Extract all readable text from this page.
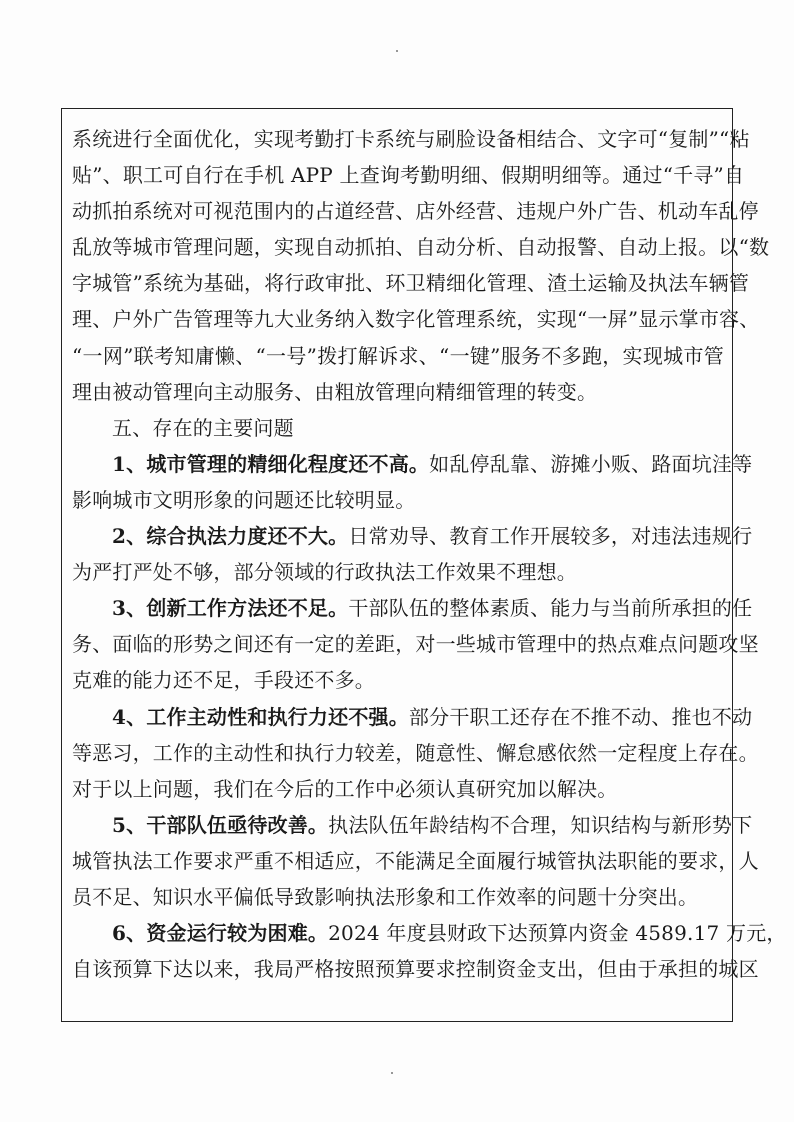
系统进行全面优化，实现考勤打卡系统与刷脸设备相结合、文字可“复制”“粘
贴”、职工可自行在手机 APP 上查询考勤明细、假期明细等。通过“千寻”自
动抓拍系统对可视范围内的占道经营、店外经营、违规户外广告、机动车乱停
乱放等城市管理问题，实现自动抓拍、自动分析、自动报警、自动上报。以“数
字城管”系统为基础，将行政审批、环卫精细化管理、渣土运输及执法车辆管
理、户外广告管理等九大业务纳入数字化管理系统，实现“一屏”显示掌市容、
“一网”联考知庸懒、“一号”拨打解诉求、“一键”服务不多跑，实现城市管
理由被动管理向主动服务、由粗放管理向精细管理的转变。
五、存在的主要问题
1、城市管理的精细化程度还不高。如乱停乱靠、游摊小贩、路面坑洼等
影响城市文明形象的问题还比较明显。
2、综合执法力度还不大。日常劝导、教育工作开展较多，对违法违规行
为严打严处不够，部分领域的行政执法工作效果不理想。
3、创新工作方法还不足。干部队伍的整体素质、能力与当前所承担的任
务、面临的形势之间还有一定的差距，对一些城市管理中的热点难点问题攻坚
克难的能力还不足，手段还不多。
4、工作主动性和执行力还不强。部分干职工还存在不推不动、推也不动
等恶习，工作的主动性和执行力较差，随意性、懈怠感依然一定程度上存在。
对于以上问题，我们在今后的工作中必须认真研究加以解决。
5、干部队伍亟待改善。执法队伍年龄结构不合理，知识结构与新形势下
城管执法工作要求严重不相适应，不能满足全面履行城管执法职能的要求，人
员不足、知识水平偏低导致影响执法形象和工作效率的问题十分突出。
6、资金运行较为困难。2024 年度县财政下达预算内资金 4589.17 万元，
自该预算下达以来，我局严格按照预算要求控制资金支出，但由于承担的城区
